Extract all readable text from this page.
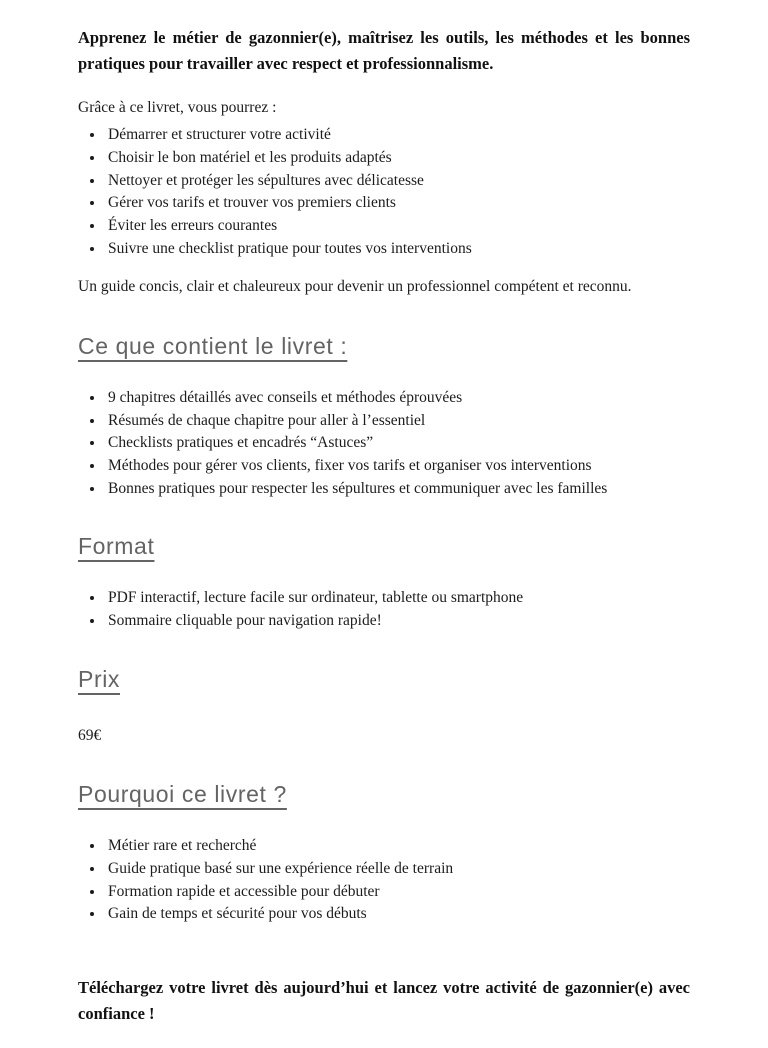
Apprenez le métier de gazonnier(e), maîtrisez les outils, les méthodes et les bonnes pratiques pour travailler avec respect et professionnalisme.

Grâce à ce livret, vous pourrez :

• Démarrer et structurer votre activité
• Choisir le bon matériel et les produits adaptés
• Nettoyer et protéger les sépultures avec délicatesse
• Gérer vos tarifs et trouver vos premiers clients
• Éviter les erreurs courantes
• Suivre une checklist pratique pour toutes vos interventions

Un guide concis, clair et chaleureux pour devenir un professionnel compétent et reconnu.

Ce que contient le livret :
• 9 chapitres détaillés avec conseils et méthodes éprouvées
• Résumés de chaque chapitre pour aller à l’essentiel
• Checklists pratiques et encadrés “Astuces”
• Méthodes pour gérer vos clients, fixer vos tarifs et organiser vos interventions
• Bonnes pratiques pour respecter les sépultures et communiquer avec les familles
Format
• PDF interactif, lecture facile sur ordinateur, tablette ou smartphone
• Sommaire cliquable pour navigation rapide!
Prix

69€

Pourquoi ce livret ?
• Métier rare et recherché
• Guide pratique basé sur une expérience réelle de terrain
• Formation rapide et accessible pour débuter
• Gain de temps et sécurité pour vos débuts

Téléchargez votre livret dès aujourd’hui et lancez votre activité de gazonnier(e) avec confiance !
